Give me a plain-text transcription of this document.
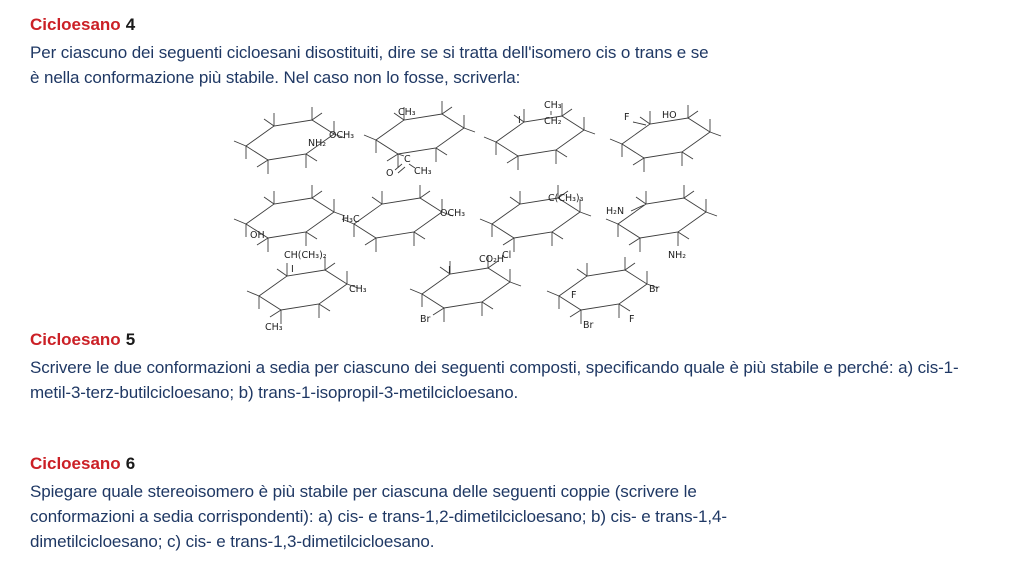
Cicloesano 4
Per ciascuno dei seguenti cicloesani disostituiti, dire se si tratta dell'isomero cis o trans e se
è nella conformazione più stabile. Nel caso non lo fosse, scriverla:
OCH₃
NH₂
CH₃
C
O CH₃
I CH₂
CH₃
F	HO
OH
CH(CH₃)₂
H₃C
OCH₃
C(CH₃)₃
Cl
H₂N
NH₂
I
CH₃
CH₃
I
CO₂H
Br
F
Br
Br
F
Cicloesano 5
Scrivere le due conformazioni a sedia per ciascuno dei seguenti composti, specificando quale è più stabile e perché: a) cis-1-
metil-3-terz-butilcicloesano; b) trans-1-isopropil-3-metilcicloesano.
Cicloesano 6
Spiegare quale stereoisomero è più stabile per ciascuna delle seguenti coppie (scrivere le
conformazioni a sedia corrispondenti): a) cis- e trans-1,2-dimetilcicloesano; b) cis- e trans-1,4-
dimetilcicloesano; c) cis- e trans-1,3-dimetilcicloesano.
